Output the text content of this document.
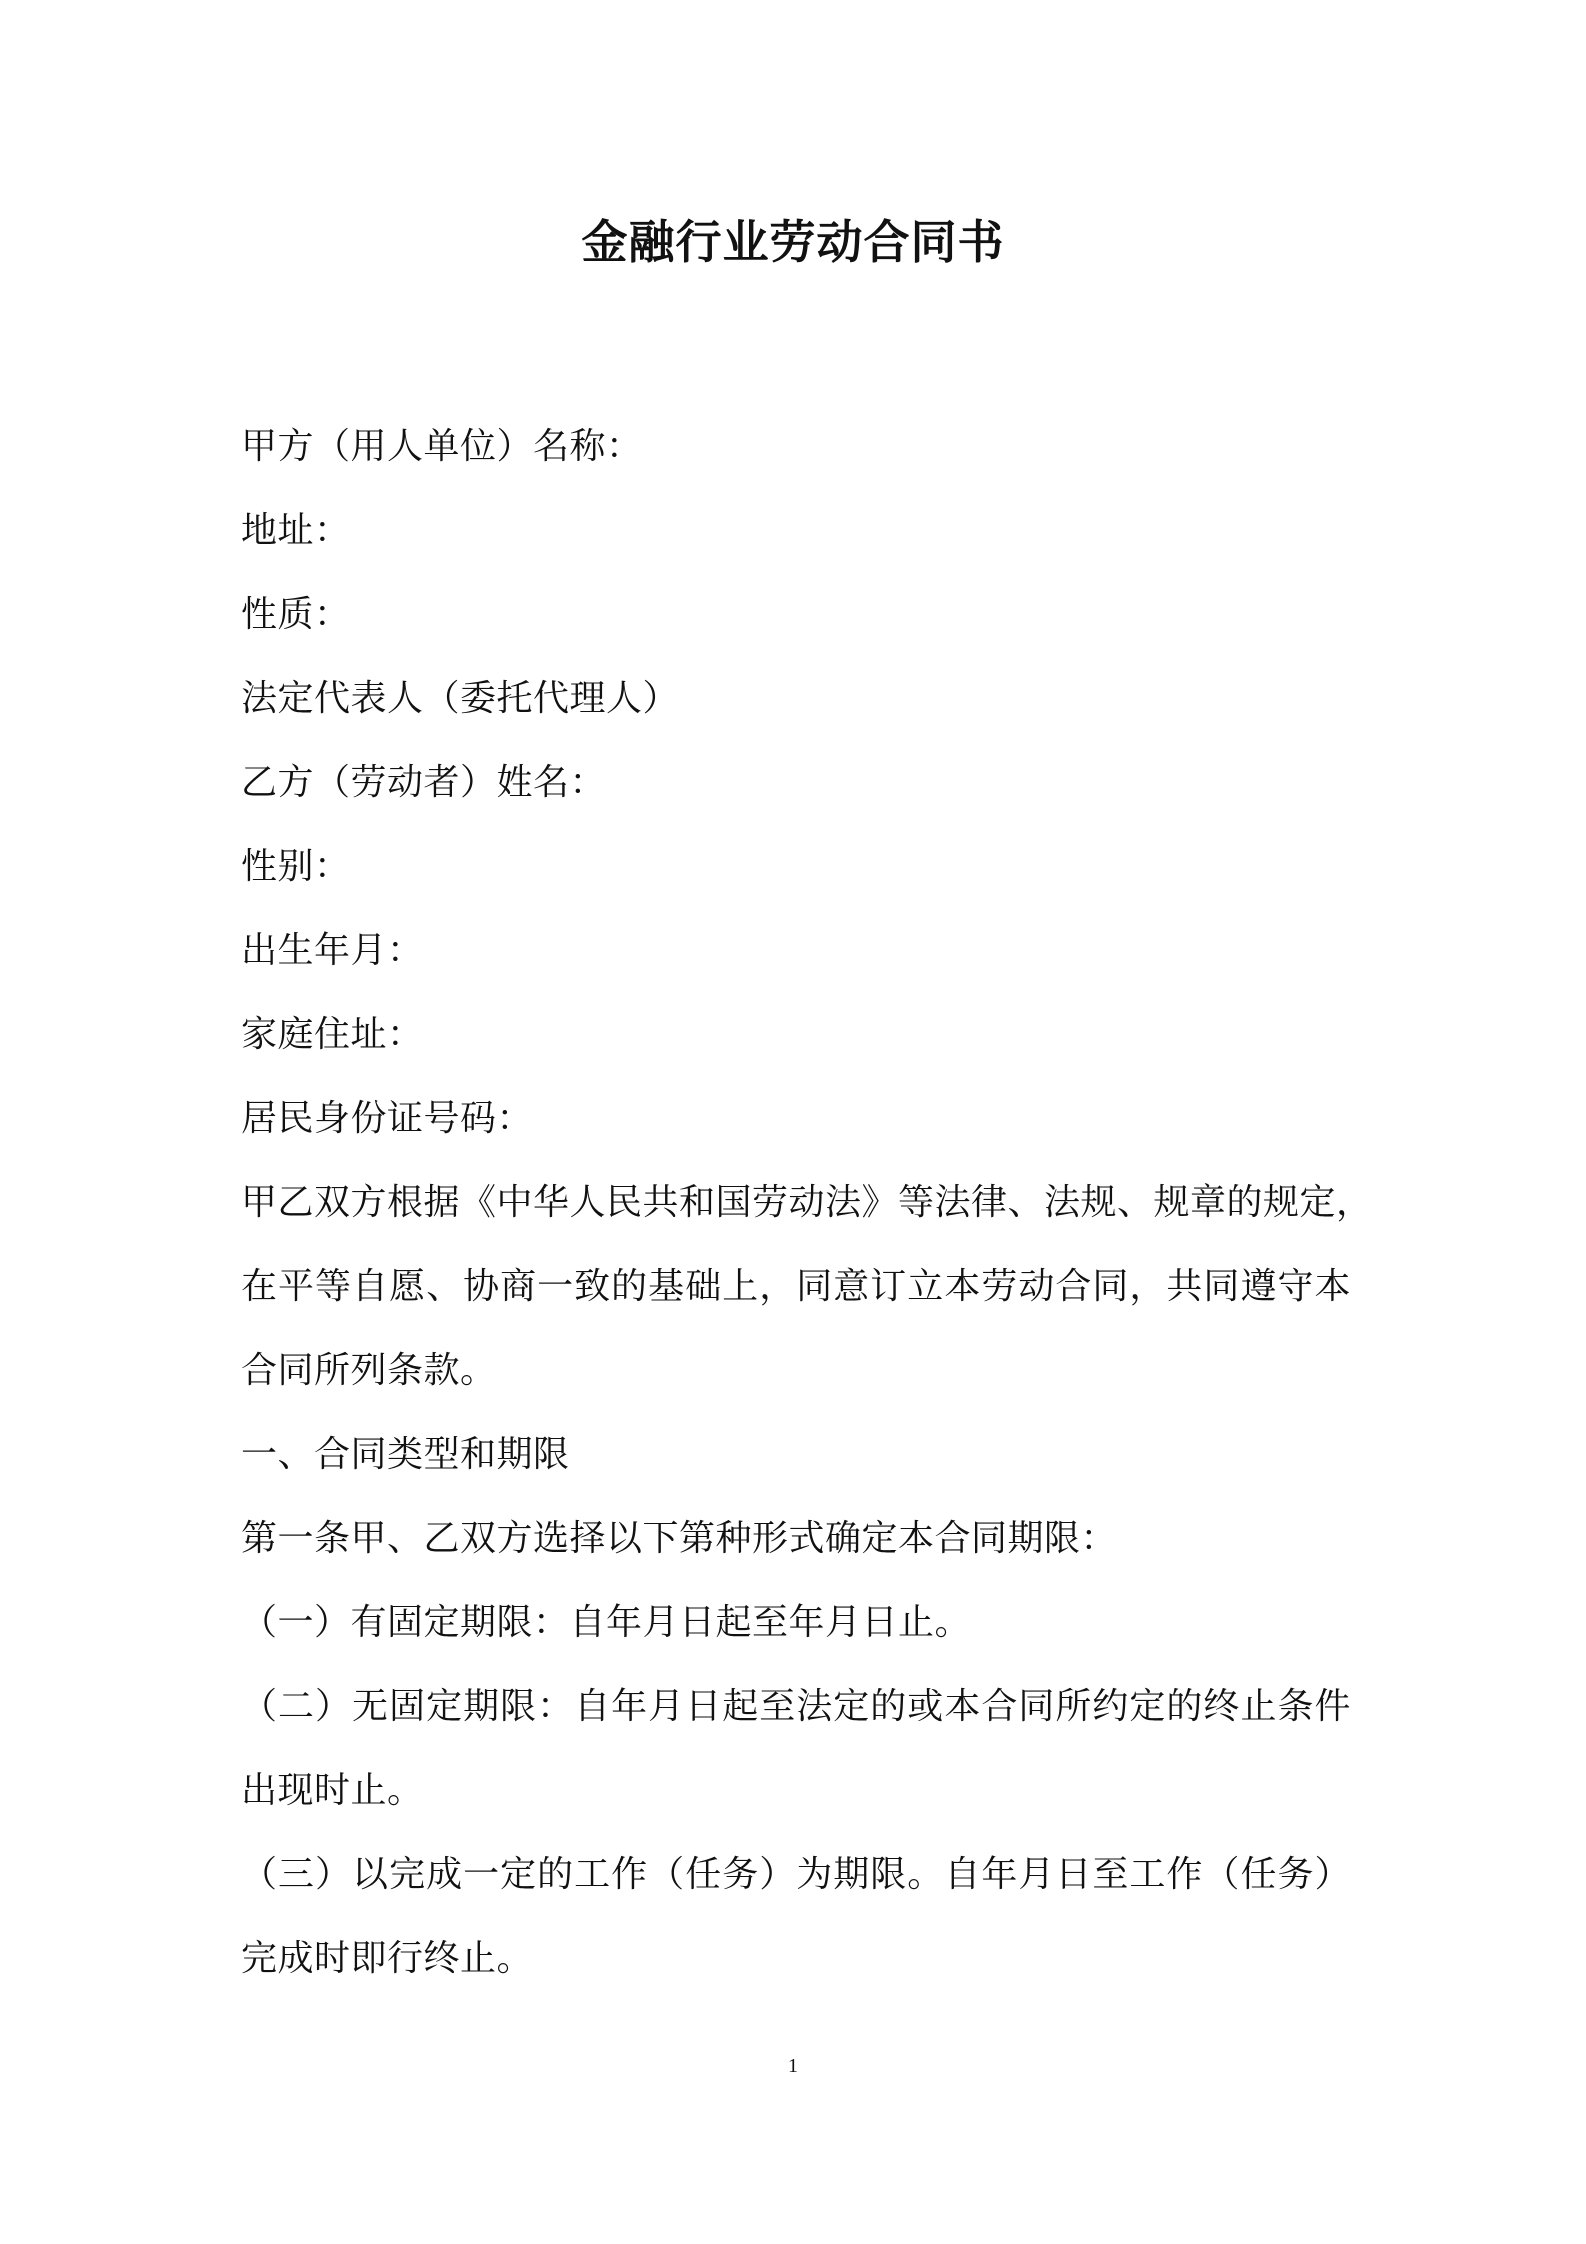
金融行业劳动合同书
甲方（用人单位）名称：
地址：
性质：
法定代表人（委托代理人）
乙方（劳动者）姓名：
性别：
出生年月：
家庭住址：
居民身份证号码：
甲乙双方根据《中华人民共和国劳动法》等法律、法规、规章的规定，
在平等自愿、协商一致的基础上，同意订立本劳动合同，共同遵守本
合同所列条款。
一、合同类型和期限
第一条甲、乙双方选择以下第种形式确定本合同期限：
（一）有固定期限：自年月日起至年月日止。
（二）无固定期限：自年月日起至法定的或本合同所约定的终止条件
出现时止。
（三）以完成一定的工作（任务）为期限。自年月日至工作（任务）
完成时即行终止。
1
